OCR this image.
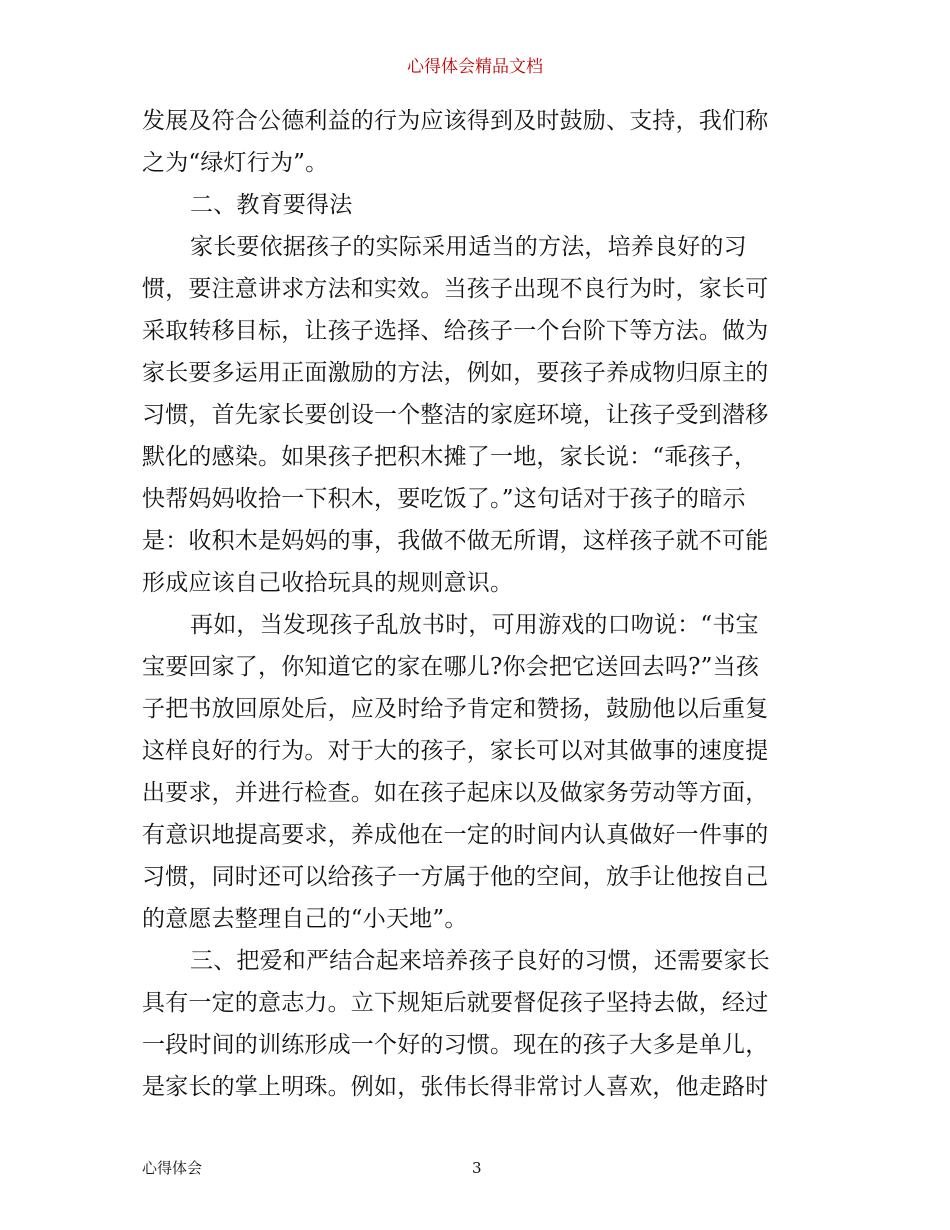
心得体会精品文档
发展及符合公德利益的行为应该得到及时鼓励、支持，我们称
之为“绿灯行为”。
二、教育要得法
家长要依据孩子的实际采用适当的方法，培养良好的习
惯，要注意讲求方法和实效。当孩子出现不良行为时，家长可
采取转移目标，让孩子选择、给孩子一个台阶下等方法。做为
家长要多运用正面激励的方法，例如，要孩子养成物归原主的
习惯，首先家长要创设一个整洁的家庭环境，让孩子受到潜移
默化的感染。如果孩子把积木摊了一地，家长说：“乖孩子，
快帮妈妈收拾一下积木，要吃饭了。”这句话对于孩子的暗示
是：收积木是妈妈的事，我做不做无所谓，这样孩子就不可能
形成应该自己收拾玩具的规则意识。
再如，当发现孩子乱放书时，可用游戏的口吻说：“书宝
宝要回家了，你知道它的家在哪儿?你会把它送回去吗?”当孩
子把书放回原处后，应及时给予肯定和赞扬，鼓励他以后重复
这样良好的行为。对于大的孩子，家长可以对其做事的速度提
出要求，并进行检查。如在孩子起床以及做家务劳动等方面，
有意识地提高要求，养成他在一定的时间内认真做好一件事的
习惯，同时还可以给孩子一方属于他的空间，放手让他按自己
的意愿去整理自己的“小天地”。
三、把爱和严结合起来培养孩子良好的习惯，还需要家长
具有一定的意志力。立下规矩后就要督促孩子坚持去做，经过
一段时间的训练形成一个好的习惯。现在的孩子大多是单儿，
是家长的掌上明珠。例如，张伟长得非常讨人喜欢，他走路时
心得体会	3
